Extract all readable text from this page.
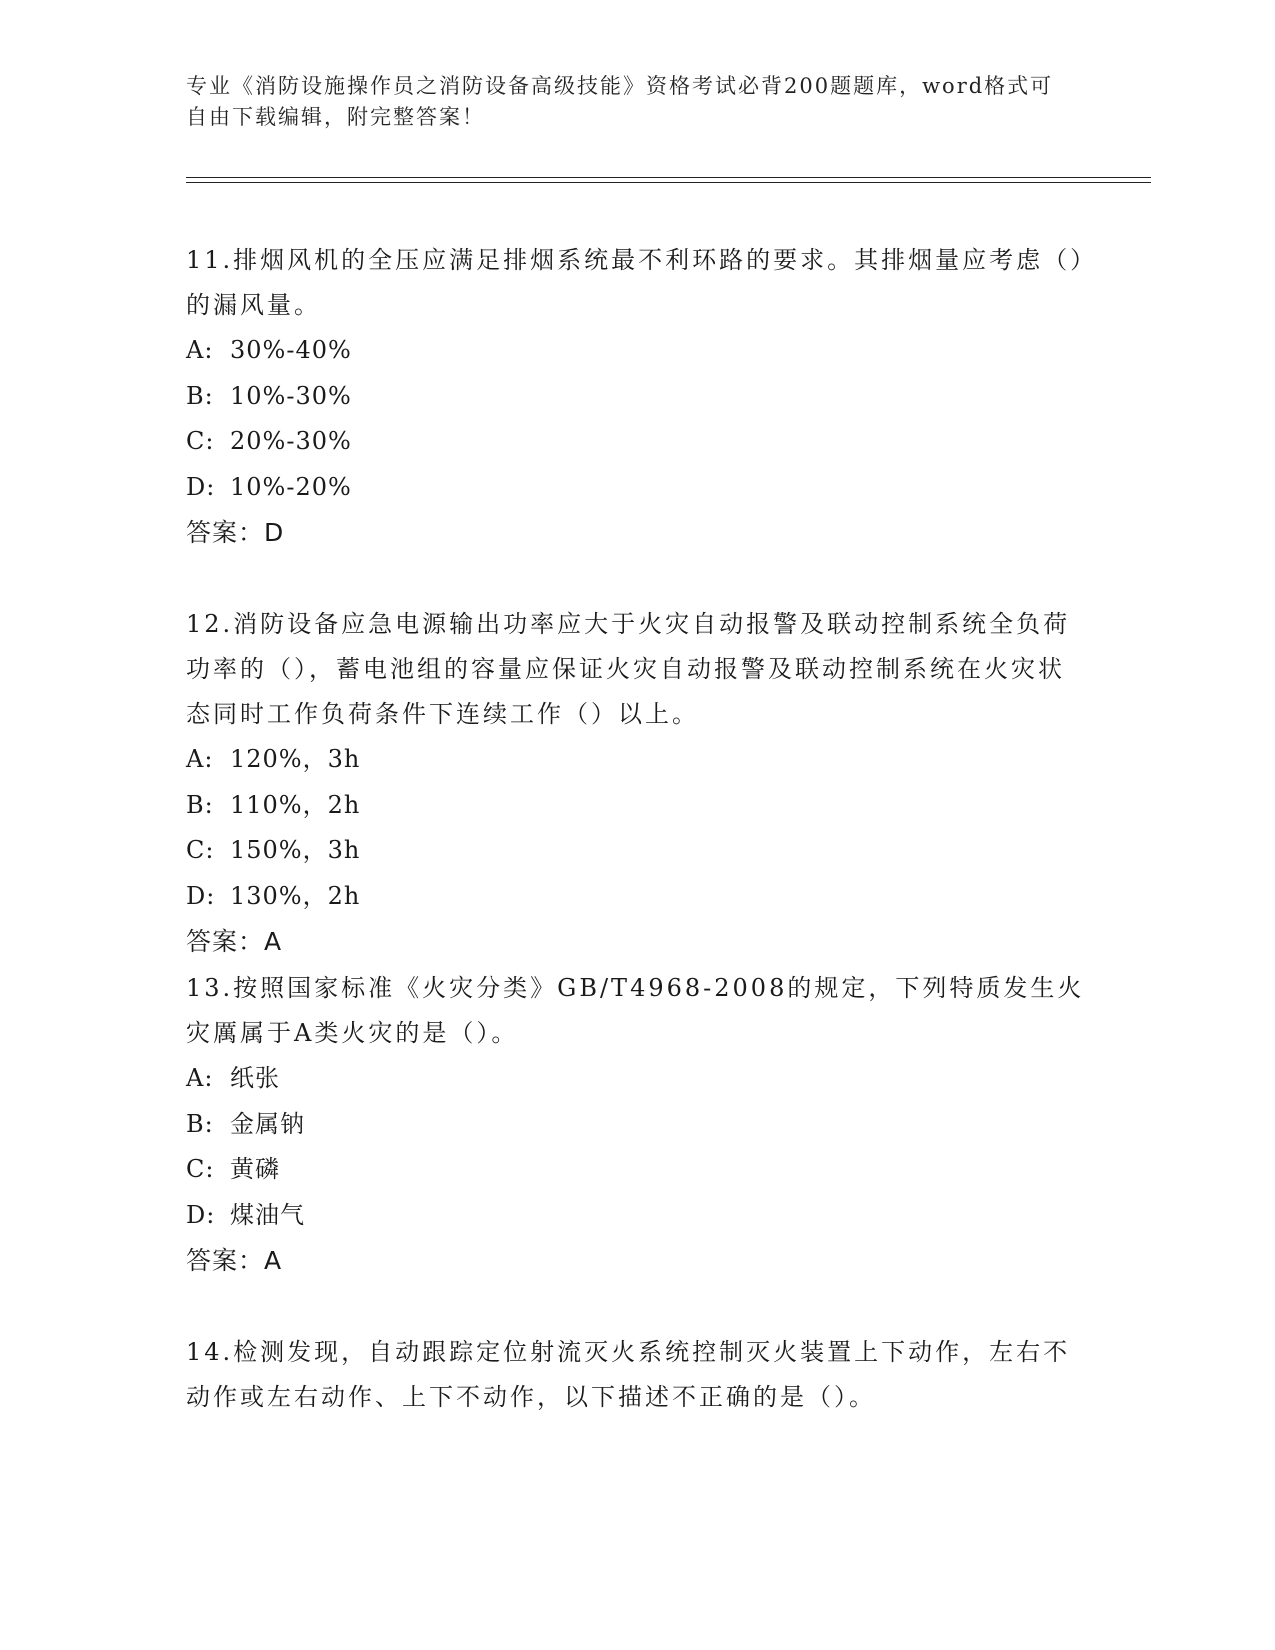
专业《消防设施操作员之消防设备高级技能》资格考试必背200题题库，word格式可自由下载编辑，附完整答案！

11.排烟风机的全压应满足排烟系统最不利环路的要求。其排烟量应考虑（）的漏风量。

A: 30%-40%

B: 10%-30%

C: 20%-30%

D: 10%-20%

答案：D

12.消防设备应急电源输出功率应大于火灾自动报警及联动控制系统全负荷功率的（），蓄电池组的容量应保证火灾自动报警及联动控制系统在火灾状态同时工作负荷条件下连续工作（）以上。

A: 120%，3h

B: 110%，2h

C: 150%，3h

D: 130%，2h

答案：A

13.按照国家标准《火灾分类》GB/T4968-2008的规定，下列特质发生火灾厲属于A类火灾的是（）。

A: 纸张

B: 金属钠

C: 黄磷

D: 煤油气

答案：A

14.检测发现，自动跟踪定位射流灭火系统控制灭火装置上下动作，左右不动作或左右动作、上下不动作，以下描述不正确的是（）。
